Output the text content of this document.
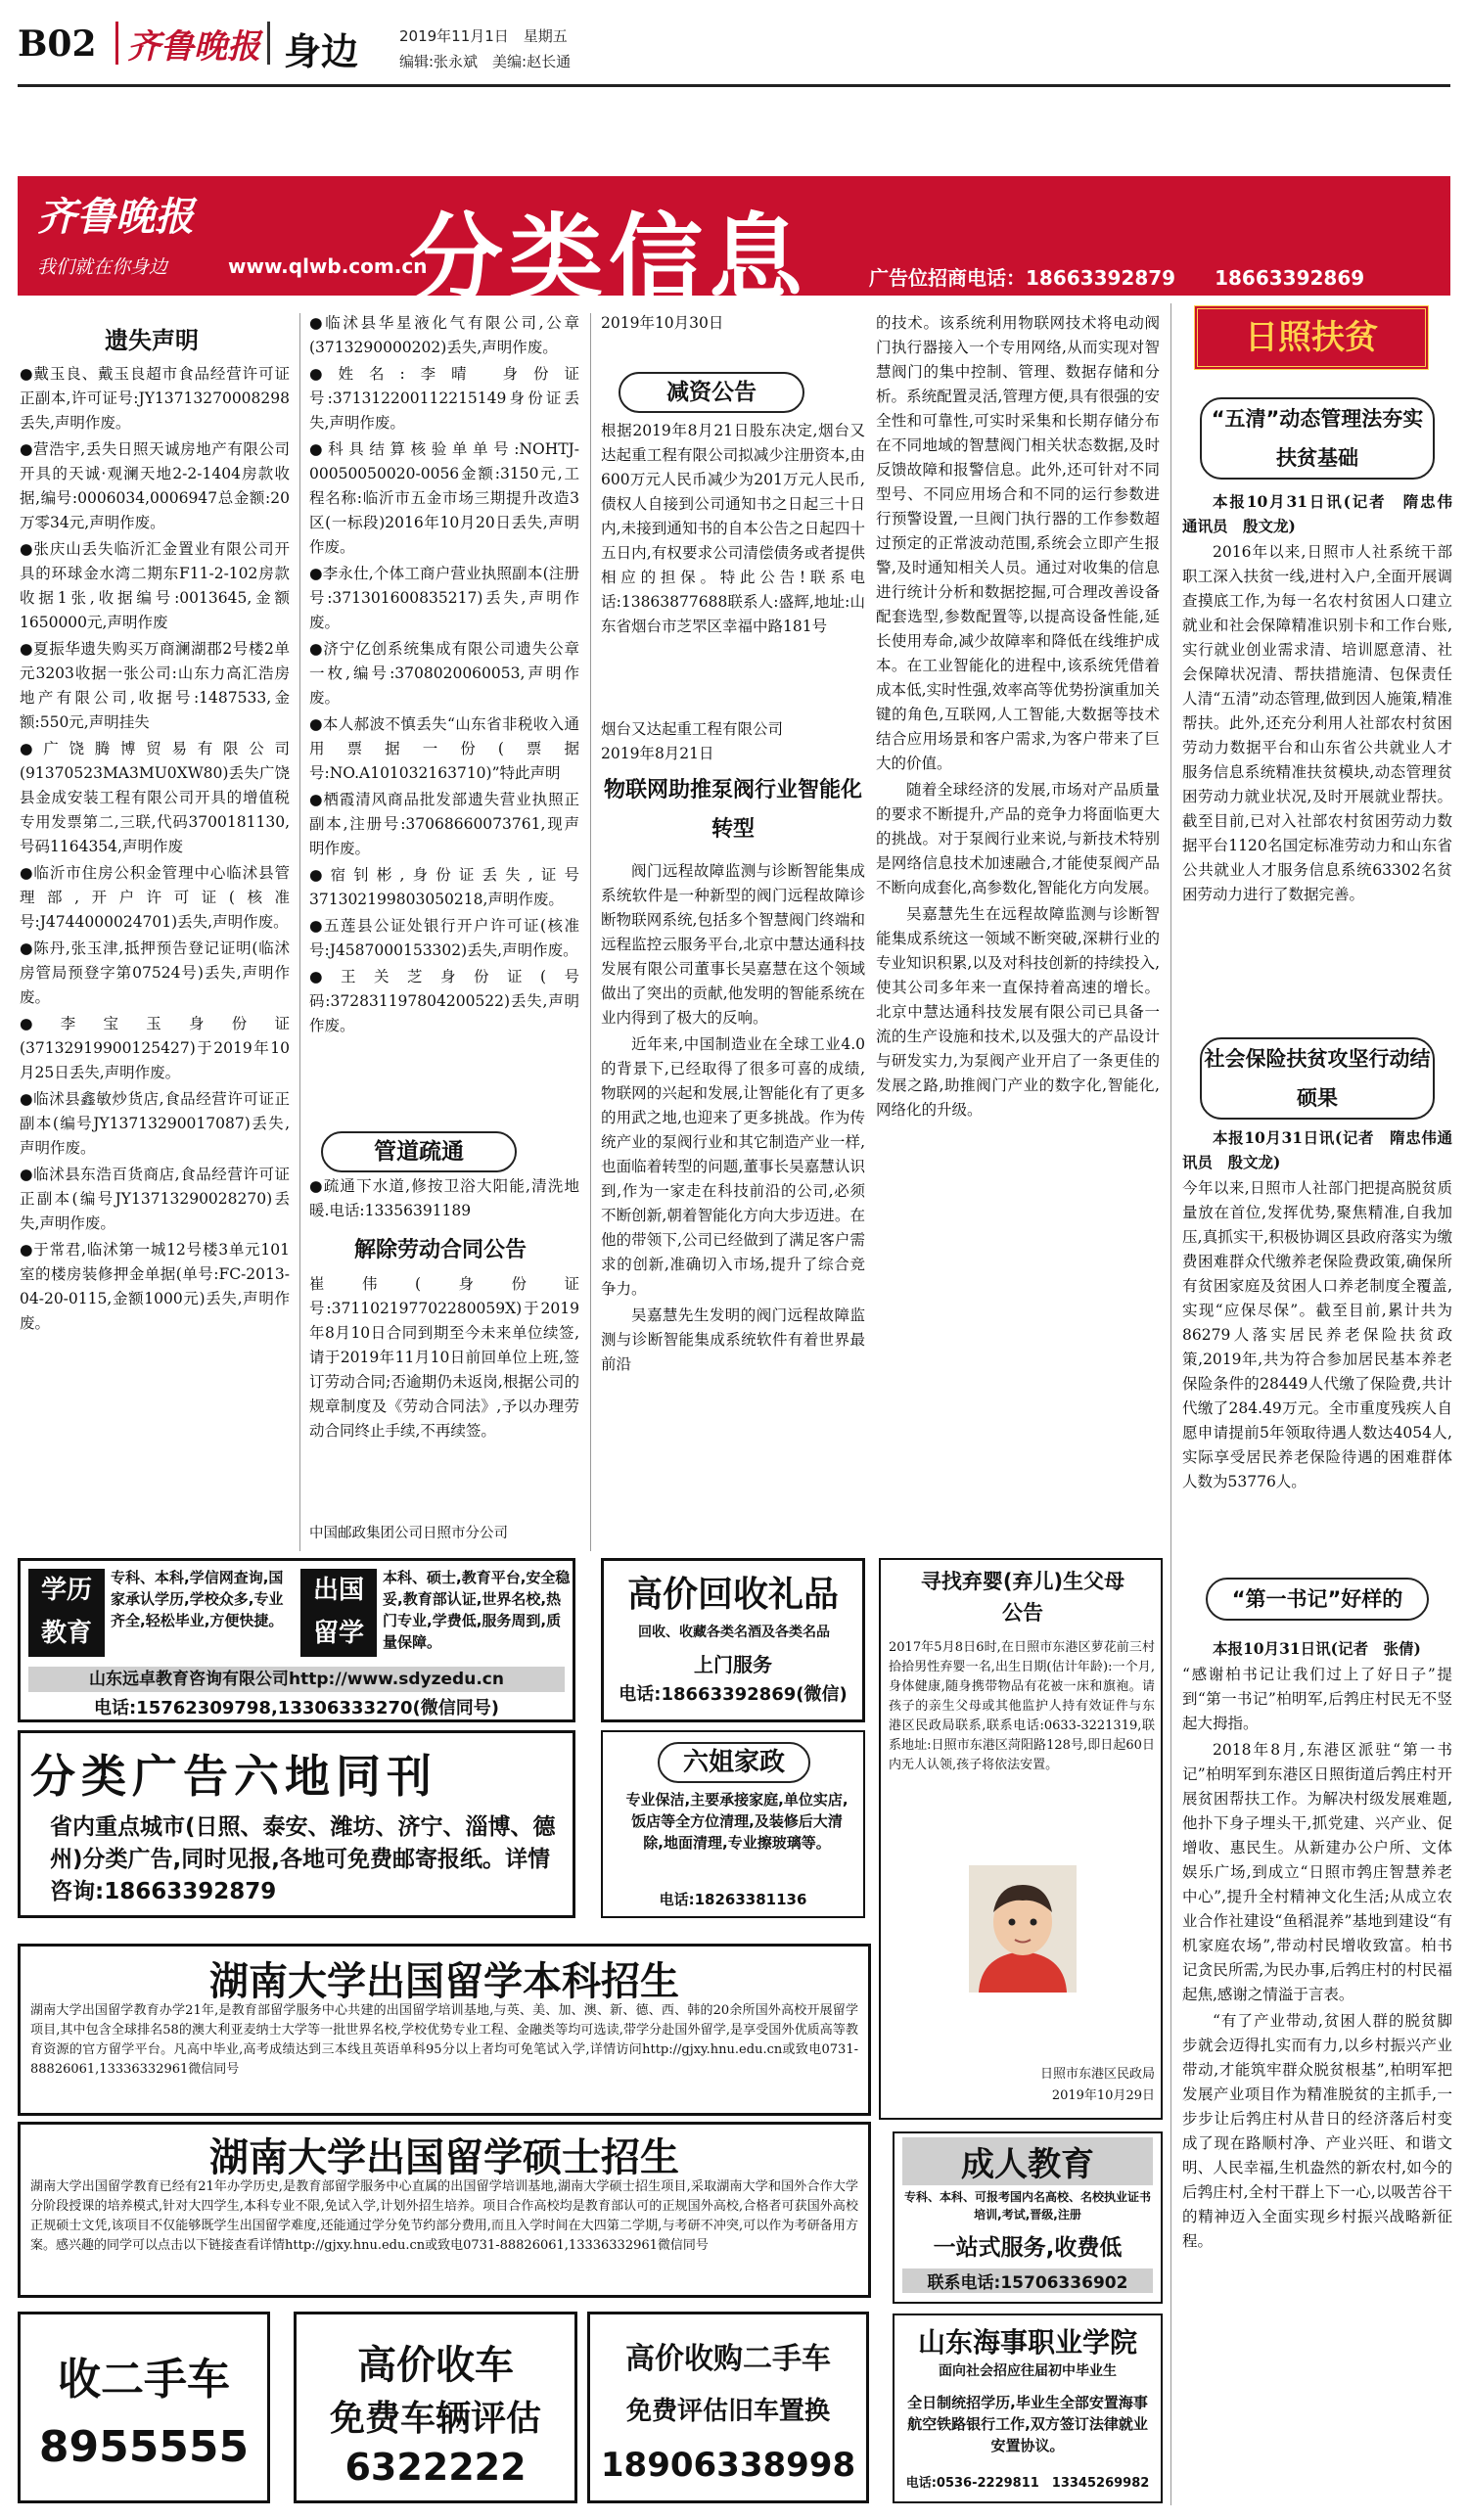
B02 齐鲁晚报 身边	2019年11月1日　星期五
编辑:张永斌　美编:赵长通
齐鲁晚报
我们就在你身边	www.qlwb.com.cn
分类信息	广告位招商电话：18663392879　　18663392869
遗失声明

●戴玉良、戴玉良超市食品经营许可证正副本,许可证号:JY13713270008298丢失,声明作废。

●营浩宇,丢失日照天诚房地产有限公司开具的天诚·观澜天地2-2-1404房款收据,编号:0006034,0006947总金额:20万零34元,声明作废。

●张庆山丢失临沂汇金置业有限公司开具的环球金水湾二期东F11-2-102房款收据1张,收据编号:0013645,金额1650000元,声明作废

●夏振华遗失购买万商澜湖郡2号楼2单元3203收据一张公司:山东力高汇浩房地产有限公司,收据号:1487533,金额:550元,声明挂失

●广饶腾博贸易有限公司(91370523MA3MU0XW80)丢失广饶县金成安装工程有限公司开具的增值税专用发票第二,三联,代码3700181130,号码1164354,声明作废

●临沂市住房公积金管理中心临沭县管理部,开户许可证(核准号:J4744000024701)丢失,声明作废。

●陈丹,张玉津,抵押预告登记证明(临沭房管局预登字第07524号)丢失,声明作废。

●李宝玉身份证(37132919900125427)于2019年10月25日丢失,声明作废。

●临沭县鑫敏炒货店,食品经营许可证正副本(编号JY13713290017087)丢失,声明作废。

●临沭县东浩百货商店,食品经营许可证正副本(编号JY13713290028270)丢失,声明作废。

●于常君,临沭第一城12号楼3单元101室的楼房装修押金单据(单号:FC-2013-04-20-0115,金额1000元)丢失,声明作废。

●临沭县华星液化气有限公司,公章(3713290000202)丢失,声明作废。

●姓名:李晴 身份证号:371312200112215149身份证丢失,声明作废。

●科具结算核验单单号:NOHTJ-00050050020-0056金额:3150元,工程名称:临沂市五金市场三期提升改造3区(一标段)2016年10月20日丢失,声明作废。

●李永仕,个体工商户营业执照副本(注册号:371301600835217)丢失,声明作废。

●济宁亿创系统集成有限公司遗失公章一枚,编号:3708020060053,声明作废。

●本人郝波不慎丢失“山东省非税收入通用票据一份(票据号:NO.A101032163710)”特此声明

●栖霞清风商品批发部遗失营业执照正副本,注册号:37068660073761,现声明作废。

●宿钊彬,身份证丢失,证号371302199803050218,声明作废。

●五莲县公证处银行开户许可证(核准号:J4587000153302)丢失,声明作废。

●王关芝身份证(号码:372831197804200522)丢失,声明作废。

管道疏通
●疏通下水道,修按卫浴大阳能,清洗地暖.电话:13356391189
解除劳动合同公告
崔伟(身份证号:371102197702280059X)于2019年8月10日合同到期至今未来单位续签,请于2019年11月10日前回单位上班,签订劳动合同;否逾期仍未返岗,根据公司的规章制度及《劳动合同法》,予以办理劳动合同终止手续,不再续签。
中国邮政集团公司日照市分公司
2019年10月30日
减资公告
根据2019年8月21日股东决定,烟台又达起重工程有限公司拟减少注册资本,由600万元人民币减少为201万元人民币,债权人自接到公司通知书之日起三十日内,未接到通知书的自本公告之日起四十五日内,有权要求公司清偿债务或者提供相应的担保。特此公告!联系电话:13863877688联系人:盛辉,地址:山东省烟台市芝罘区幸福中路181号
烟台又达起重工程有限公司
2019年8月21日
物联网助推泵阀行业智能化转型

阀门远程故障监测与诊断智能集成系统软件是一种新型的阀门远程故障诊断物联网系统,包括多个智慧阀门终端和远程监控云服务平台,北京中慧达通科技发展有限公司董事长吴嘉慧在这个领域做出了突出的贡献,他发明的智能系统在业内得到了极大的反响。

近年来,中国制造业在全球工业4.0的背景下,已经取得了很多可喜的成绩,物联网的兴起和发展,让智能化有了更多的用武之地,也迎来了更多挑战。作为传统产业的泵阀行业和其它制造产业一样,也面临着转型的问题,董事长吴嘉慧认识到,作为一家走在科技前沿的公司,必须不断创新,朝着智能化方向大步迈进。在他的带领下,公司已经做到了满足客户需求的创新,准确切入市场,提升了综合竞争力。

吴嘉慧先生发明的阀门远程故障监测与诊断智能集成系统软件有着世界最前沿

的技术。该系统利用物联网技术将电动阀门执行器接入一个专用网络,从而实现对智慧阀门的集中控制、管理、数据存储和分析。系统配置灵活,管理方便,具有很强的安全性和可靠性,可实时采集和长期存储分布在不同地域的智慧阀门相关状态数据,及时反馈故障和报警信息。此外,还可针对不同型号、不同应用场合和不同的运行参数进行预警设置,一旦阀门执行器的工作参数超过预定的正常波动范围,系统会立即产生报警,及时通知相关人员。通过对收集的信息进行统计分析和数据挖掘,可合理改善设备配套选型,参数配置等,以提高设备性能,延长使用寿命,减少故障率和降低在线维护成本。在工业智能化的进程中,该系统凭借着成本低,实时性强,效率高等优势扮演重加关键的角色,互联网,人工智能,大数据等技术结合应用场景和客户需求,为客户带来了巨大的价值。

随着全球经济的发展,市场对产品质量的要求不断提升,产品的竞争力将面临更大的挑战。对于泵阀行业来说,与新技术特别是网络信息技术加速融合,才能使泵阀产品不断向成套化,高参数化,智能化方向发展。

吴嘉慧先生在远程故障监测与诊断智能集成系统这一领域不断突破,深耕行业的专业知识积累,以及对科技创新的持续投入,使其公司多年来一直保持着高速的增长。北京中慧达通科技发展有限公司已具备一流的生产设施和技术,以及强大的产品设计与研发实力,为泵阀产业开启了一条更佳的发展之路,助推阀门产业的数字化,智能化,网络化的升级。

日照扶贫
“五清”动态管理法夯实扶贫基础

本报10月31日讯(记者　隋忠伟　通讯员　殷文龙)

2016年以来,日照市人社系统干部职工深入扶贫一线,进村入户,全面开展调查摸底工作,为每一名农村贫困人口建立就业和社会保障精准识别卡和工作台账,实行就业创业需求清、培训愿意清、社会保障状况清、帮扶措施清、包保责任人清“五清”动态管理,做到因人施策,精准帮扶。此外,还充分利用人社部农村贫困劳动力数据平台和山东省公共就业人才服务信息系统精准扶贫模块,动态管理贫困劳动力就业状况,及时开展就业帮扶。截至目前,已对入社部农村贫困劳动力数据平台1120名国定标准劳动力和山东省公共就业人才服务信息系统63302名贫困劳动力进行了数据完善。

社会保险扶贫攻坚行动结硕果

本报10月31日讯(记者　隋忠伟通讯员　殷文龙)

今年以来,日照市人社部门把提高脱贫质量放在首位,发挥优势,聚焦精准,自我加压,真抓实干,积极协调区县政府落实为缴费困难群众代缴养老保险费政策,确保所有贫困家庭及贫困人口养老制度全覆盖,实现“应保尽保”。截至目前,累计共为86279人落实居民养老保险扶贫政策,2019年,共为符合参加居民基本养老保险条件的28449人代缴了保险费,共计代缴了284.49万元。全市重度残疾人自愿申请提前5年领取待遇人数达4054人,实际享受居民养老保险待遇的困难群体人数为53776人。

“第一书记”好样的

本报10月31日讯(记者　张倩)

“感谢柏书记让我们过上了好日子”提到“第一书记”柏明军,后鹁庄村民无不竖起大拇指。

2018年8月,东港区派驻“第一书记”柏明军到东港区日照街道后鹁庄村开展贫困帮扶工作。为解决村级发展难题,他扑下身子埋头干,抓党建、兴产业、促增收、惠民生。从新建办公户所、文体娱乐广场,到成立“日照市鹁庄智慧养老中心”,提升全村精神文化生活;从成立农业合作社建设“鱼稻混养”基地到建设“有机家庭农场”,带动村民增收致富。柏书记贪民所需,为民办事,后鹁庄村的村民福起焦,感谢之情溢于言表。

“有了产业带动,贫困人群的脱贫脚步就会迈得扎实而有力,以乡村振兴产业带动,才能筑牢群众脱贫根基”,柏明军把发展产业项目作为精准脱贫的主抓手,一步步让后鹁庄村从昔日的经济落后村变成了现在路顺村净、产业兴旺、和谐文明、人民幸福,生机盎然的新农村,如今的后鹁庄村,全村干群上下一心,以吸苦谷干的精神迈入全面实现乡村振兴战略新征程。

学历
教育
专科、本科,学信网查询,国家承认学历,学校众多,专业齐全,轻松毕业,方便快捷。
出国
留学
本科、硕士,教育平台,安全稳妥,教育部认证,世界名校,热门专业,学费低,服务周到,质量保障。
山东远卓教育咨询有限公司http://www.sdyzedu.cn
电话:15762309798,13306333270(微信同号)
分类广告六地同刊
省内重点城市(日照、泰安、潍坊、济宁、淄博、德州)分类广告,同时见报,各地可免费邮寄报纸。详情咨询:18663392879
高价回收礼品
回收、收藏各类名酒及各类名品
上门服务
电话:18663392869(微信)
六姐家政
专业保洁,主要承接家庭,单位实店,饭店等全方位清理,及装修后大清除,地面清理,专业擦玻璃等。
电话:18263381136
寻找弃婴(弃儿)生父母公告
2017年5月8日6时,在日照市东港区萝花前三村拾拾男性弃婴一名,出生日期(估计年龄):一个月,身体健康,随身携带物品有花被一床和旗袍。请孩子的亲生父母或其他监护人持有效证件与东港区民政局联系,联系电话:0633-3221319,联系地址:日照市东港区菏阳路128号,即日起60日内无人认领,孩子将依法安置。
日照市东港区民政局
2019年10月29日
湖南大学出国留学本科招生
湖南大学出国留学教育办学21年,是教育部留学服务中心共建的出国留学培训基地,与英、美、加、澳、新、德、西、韩的20余所国外高校开展留学项目,其中包含全球排名58的澳大利亚麦纳士大学等一批世界名校,学校优势专业工程、金融类等均可选读,带学分赴国外留学,是享受国外优质高等教育资源的官方留学平台。凡高中毕业,高考成绩达到三本线且英语单科95分以上者均可免笔试入学,详情访问http://gjxy.hnu.edu.cn或致电0731-88826061,13336332961微信同号
湖南大学出国留学硕士招生
湖南大学出国留学教育已经有21年办学历史,是教育部留学服务中心直属的出国留学培训基地,湖南大学硕士招生项目,采取湖南大学和国外合作大学分阶段授课的培养模式,针对大四学生,本科专业不限,免试入学,计划外招生培养。项目合作高校均是教育部认可的正规国外高校,合格者可获国外高校正规硕士文凭,该项目不仅能够既学生出国留学难度,还能通过学分免节约部分费用,而且入学时间在大四第二学期,与考研不冲突,可以作为考研备用方案。感兴趣的同学可以点击以下链接查看详情http://gjxy.hnu.edu.cn或致电0731-88826061,13336332961微信同号
成人教育
专科、本科、可报考国内名高校、名校执业证书培训,考试,晋级,注册
一站式服务,收费低
联系电话:15706336902
收二手车
8955555
高价收车
免费车辆评估
6322222
高价收购二手车
免费评估旧车置换
18906338998
山东海事职业学院
面向社会招应往届初中毕业生
全日制统招学历,毕业生全部安置海事航空铁路银行工作,双方签订法律就业安置协议。
电话:0536-2229811　13345269982
